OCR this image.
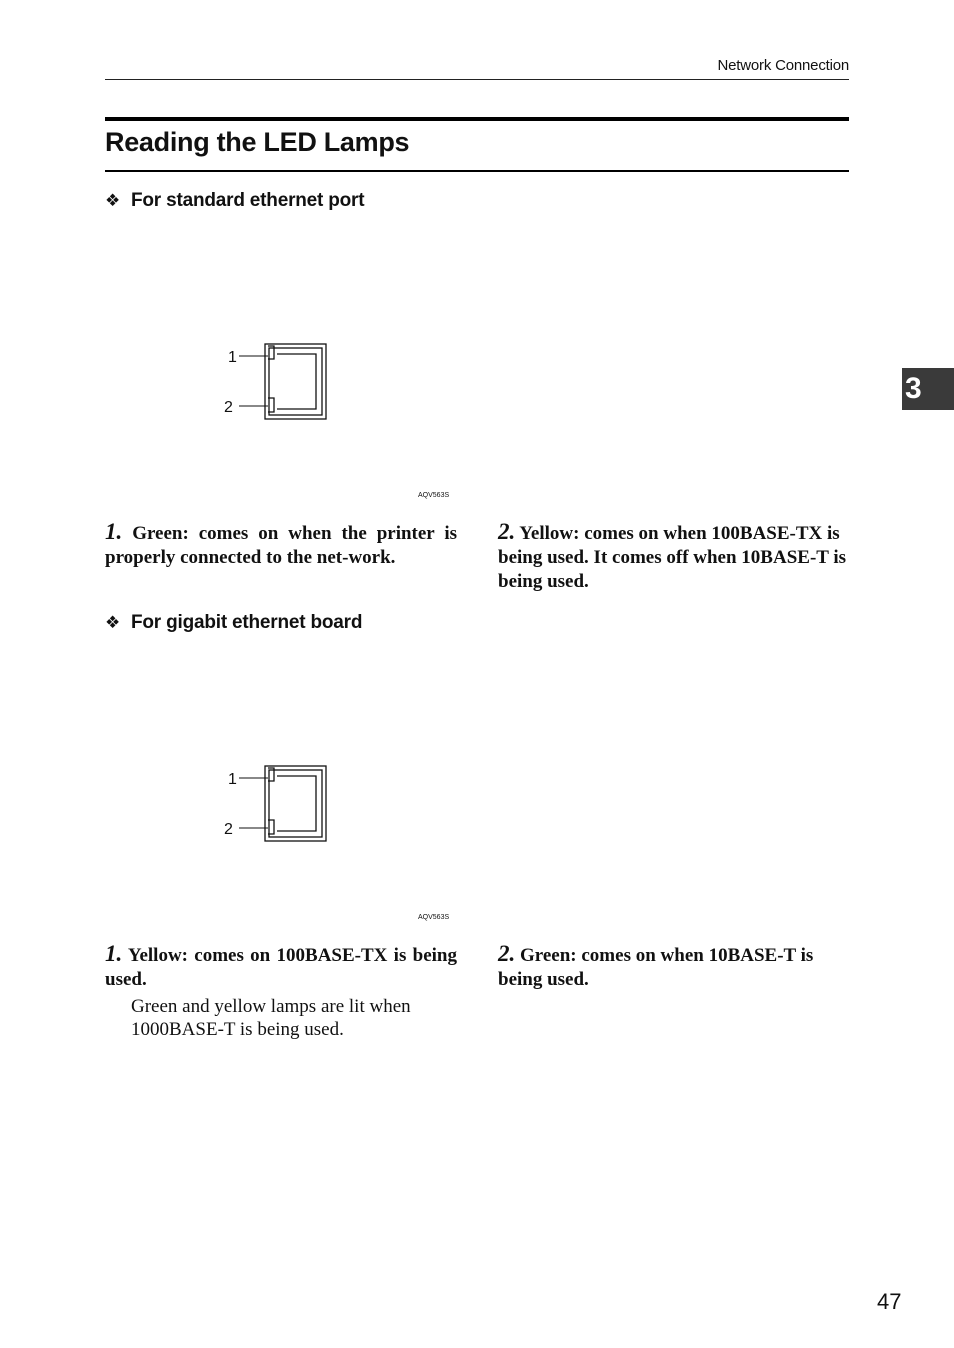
Network Connection
Reading the LED Lamps
3
❖ For standard ethernet port
1
2
AQV563S
1. Green: comes on when the printer is properly connected to the net-work.
2. Yellow: comes on when 100BASE-TX is being used. It comes off when 10BASE-T is being used.
❖ For gigabit ethernet board
1
2
AQV563S
1. Yellow: comes on 100BASE-TX is being used.
Green and yellow lamps are lit when 1000BASE-T is being used.
2. Green: comes on when 10BASE-T is being used.
47
